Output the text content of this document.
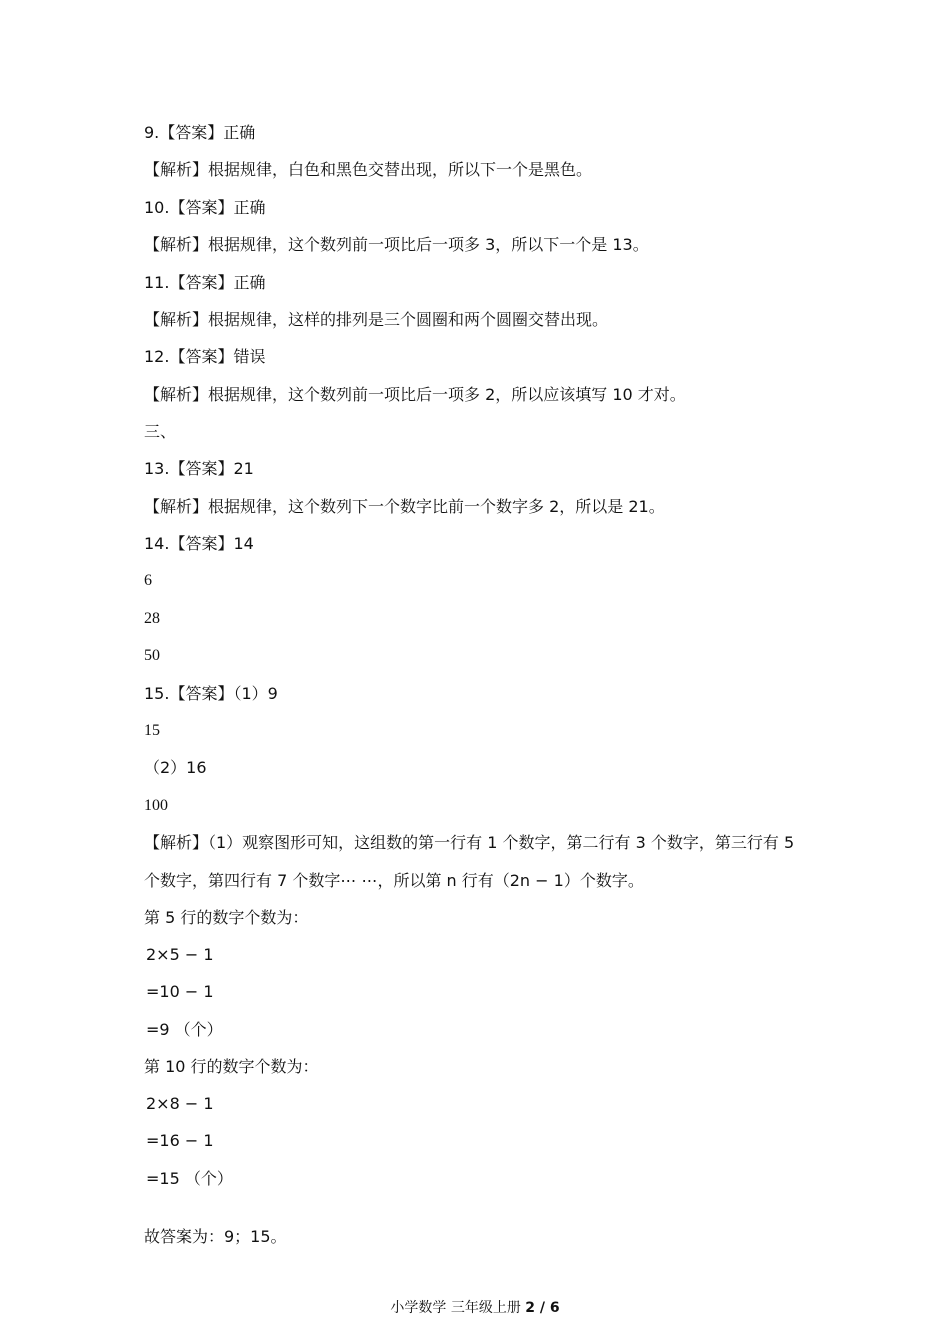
9.【答案】正确
【解析】根据规律，白色和黑色交替出现，所以下一个是黑色。
10.【答案】正确
【解析】根据规律，这个数列前一项比后一项多 3，所以下一个是 13。
11.【答案】正确
【解析】根据规律，这样的排列是三个圆圈和两个圆圈交替出现。
12.【答案】错误
【解析】根据规律，这个数列前一项比后一项多 2，所以应该填写 10 才对。
三、
13.【答案】21
【解析】根据规律，这个数列下一个数字比前一个数字多 2，所以是 21。
14.【答案】14
6
28
50
15.【答案】（1）9
15
（2）16
100
【解析】（1）观察图形可知，这组数的第一行有 1 个数字，第二行有 3 个数字，第三行有 5
个数字，第四行有 7 个数字⋯ ⋯，所以第 n 行有（2n − 1）个数字。
第 5 行的数字个数为：
2×5 − 1
=10 − 1
=9 （个）
第 10 行的数字个数为：
2×8 − 1
=16 − 1
=15 （个）
故答案为：9；15。
小学数学 三年级上册 2 / 6
